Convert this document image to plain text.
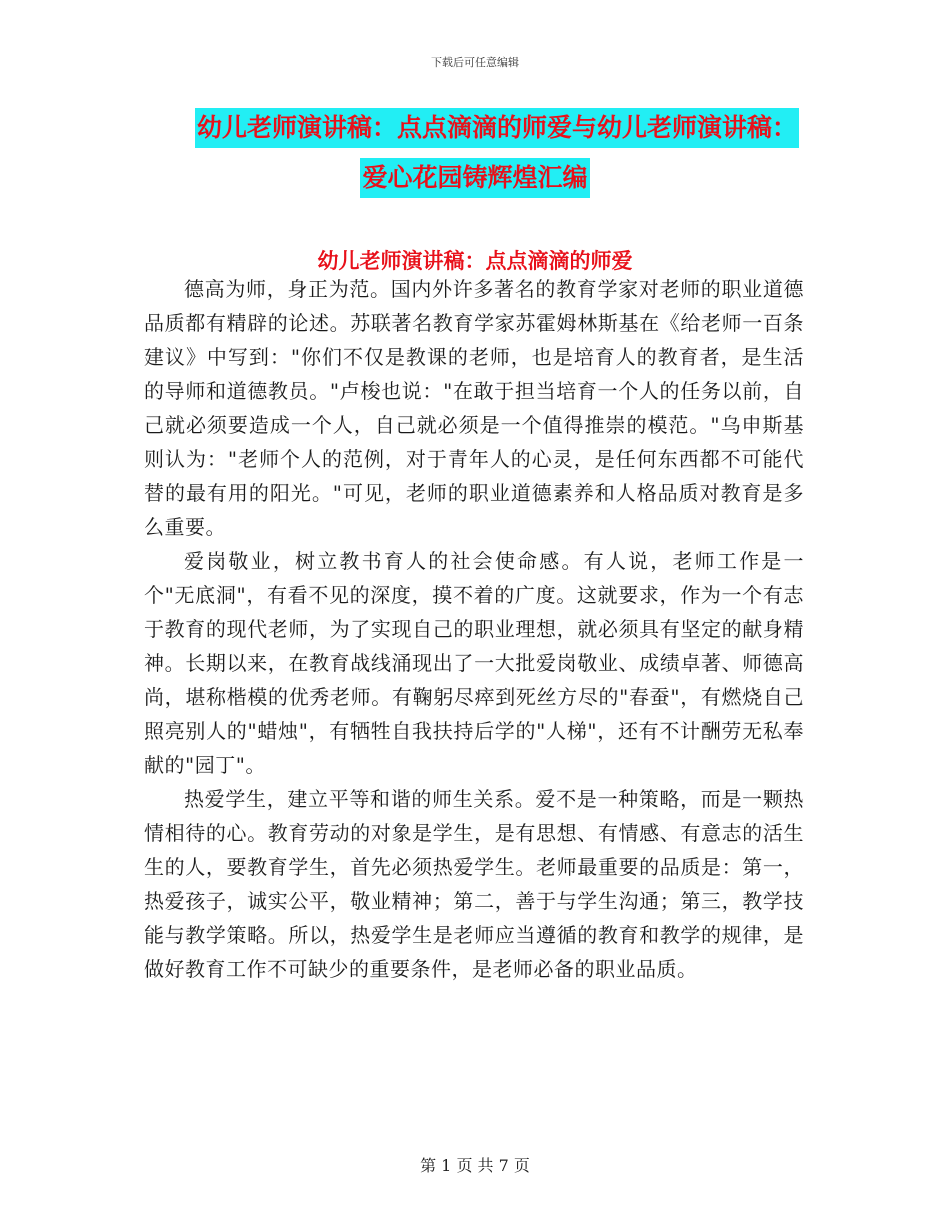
下载后可任意编辑
幼儿老师演讲稿：点点滴滴的师爱与幼儿老师演讲稿：
爱心花园铸辉煌汇编
幼儿老师演讲稿：点点滴滴的师爱

德高为师，身正为范。国内外许多著名的教育学家对老师的职业道德品质都有精辟的论述。苏联著名教育学家苏霍姆林斯基在《给老师一百条建议》中写到："你们不仅是教课的老师，也是培育人的教育者，是生活的导师和道德教员。"卢梭也说："在敢于担当培育一个人的任务以前，自己就必须要造成一个人，自己就必须是一个值得推崇的模范。"乌申斯基则认为："老师个人的范例，对于青年人的心灵，是任何东西都不可能代替的最有用的阳光。"可见，老师的职业道德素养和人格品质对教育是多么重要。

爱岗敬业，树立教书育人的社会使命感。有人说，老师工作是一个"无底洞"，有看不见的深度，摸不着的广度。这就要求，作为一个有志于教育的现代老师，为了实现自己的职业理想，就必须具有坚定的献身精神。长期以来，在教育战线涌现出了一大批爱岗敬业、成绩卓著、师德高尚，堪称楷模的优秀老师。有鞠躬尽瘁到死丝方尽的"春蚕"，有燃烧自己照亮别人的"蜡烛"，有牺牲自我扶持后学的"人梯"，还有不计酬劳无私奉献的"园丁"。

热爱学生，建立平等和谐的师生关系。爱不是一种策略，而是一颗热情相待的心。教育劳动的对象是学生，是有思想、有情感、有意志的活生生的人，要教育学生，首先必须热爱学生。老师最重要的品质是：第一，热爱孩子，诚实公平，敬业精神；第二，善于与学生沟通；第三，教学技能与教学策略。所以，热爱学生是老师应当遵循的教育和教学的规律，是做好教育工作不可缺少的重要条件，是老师必备的职业品质。

第 1 页 共 7 页
